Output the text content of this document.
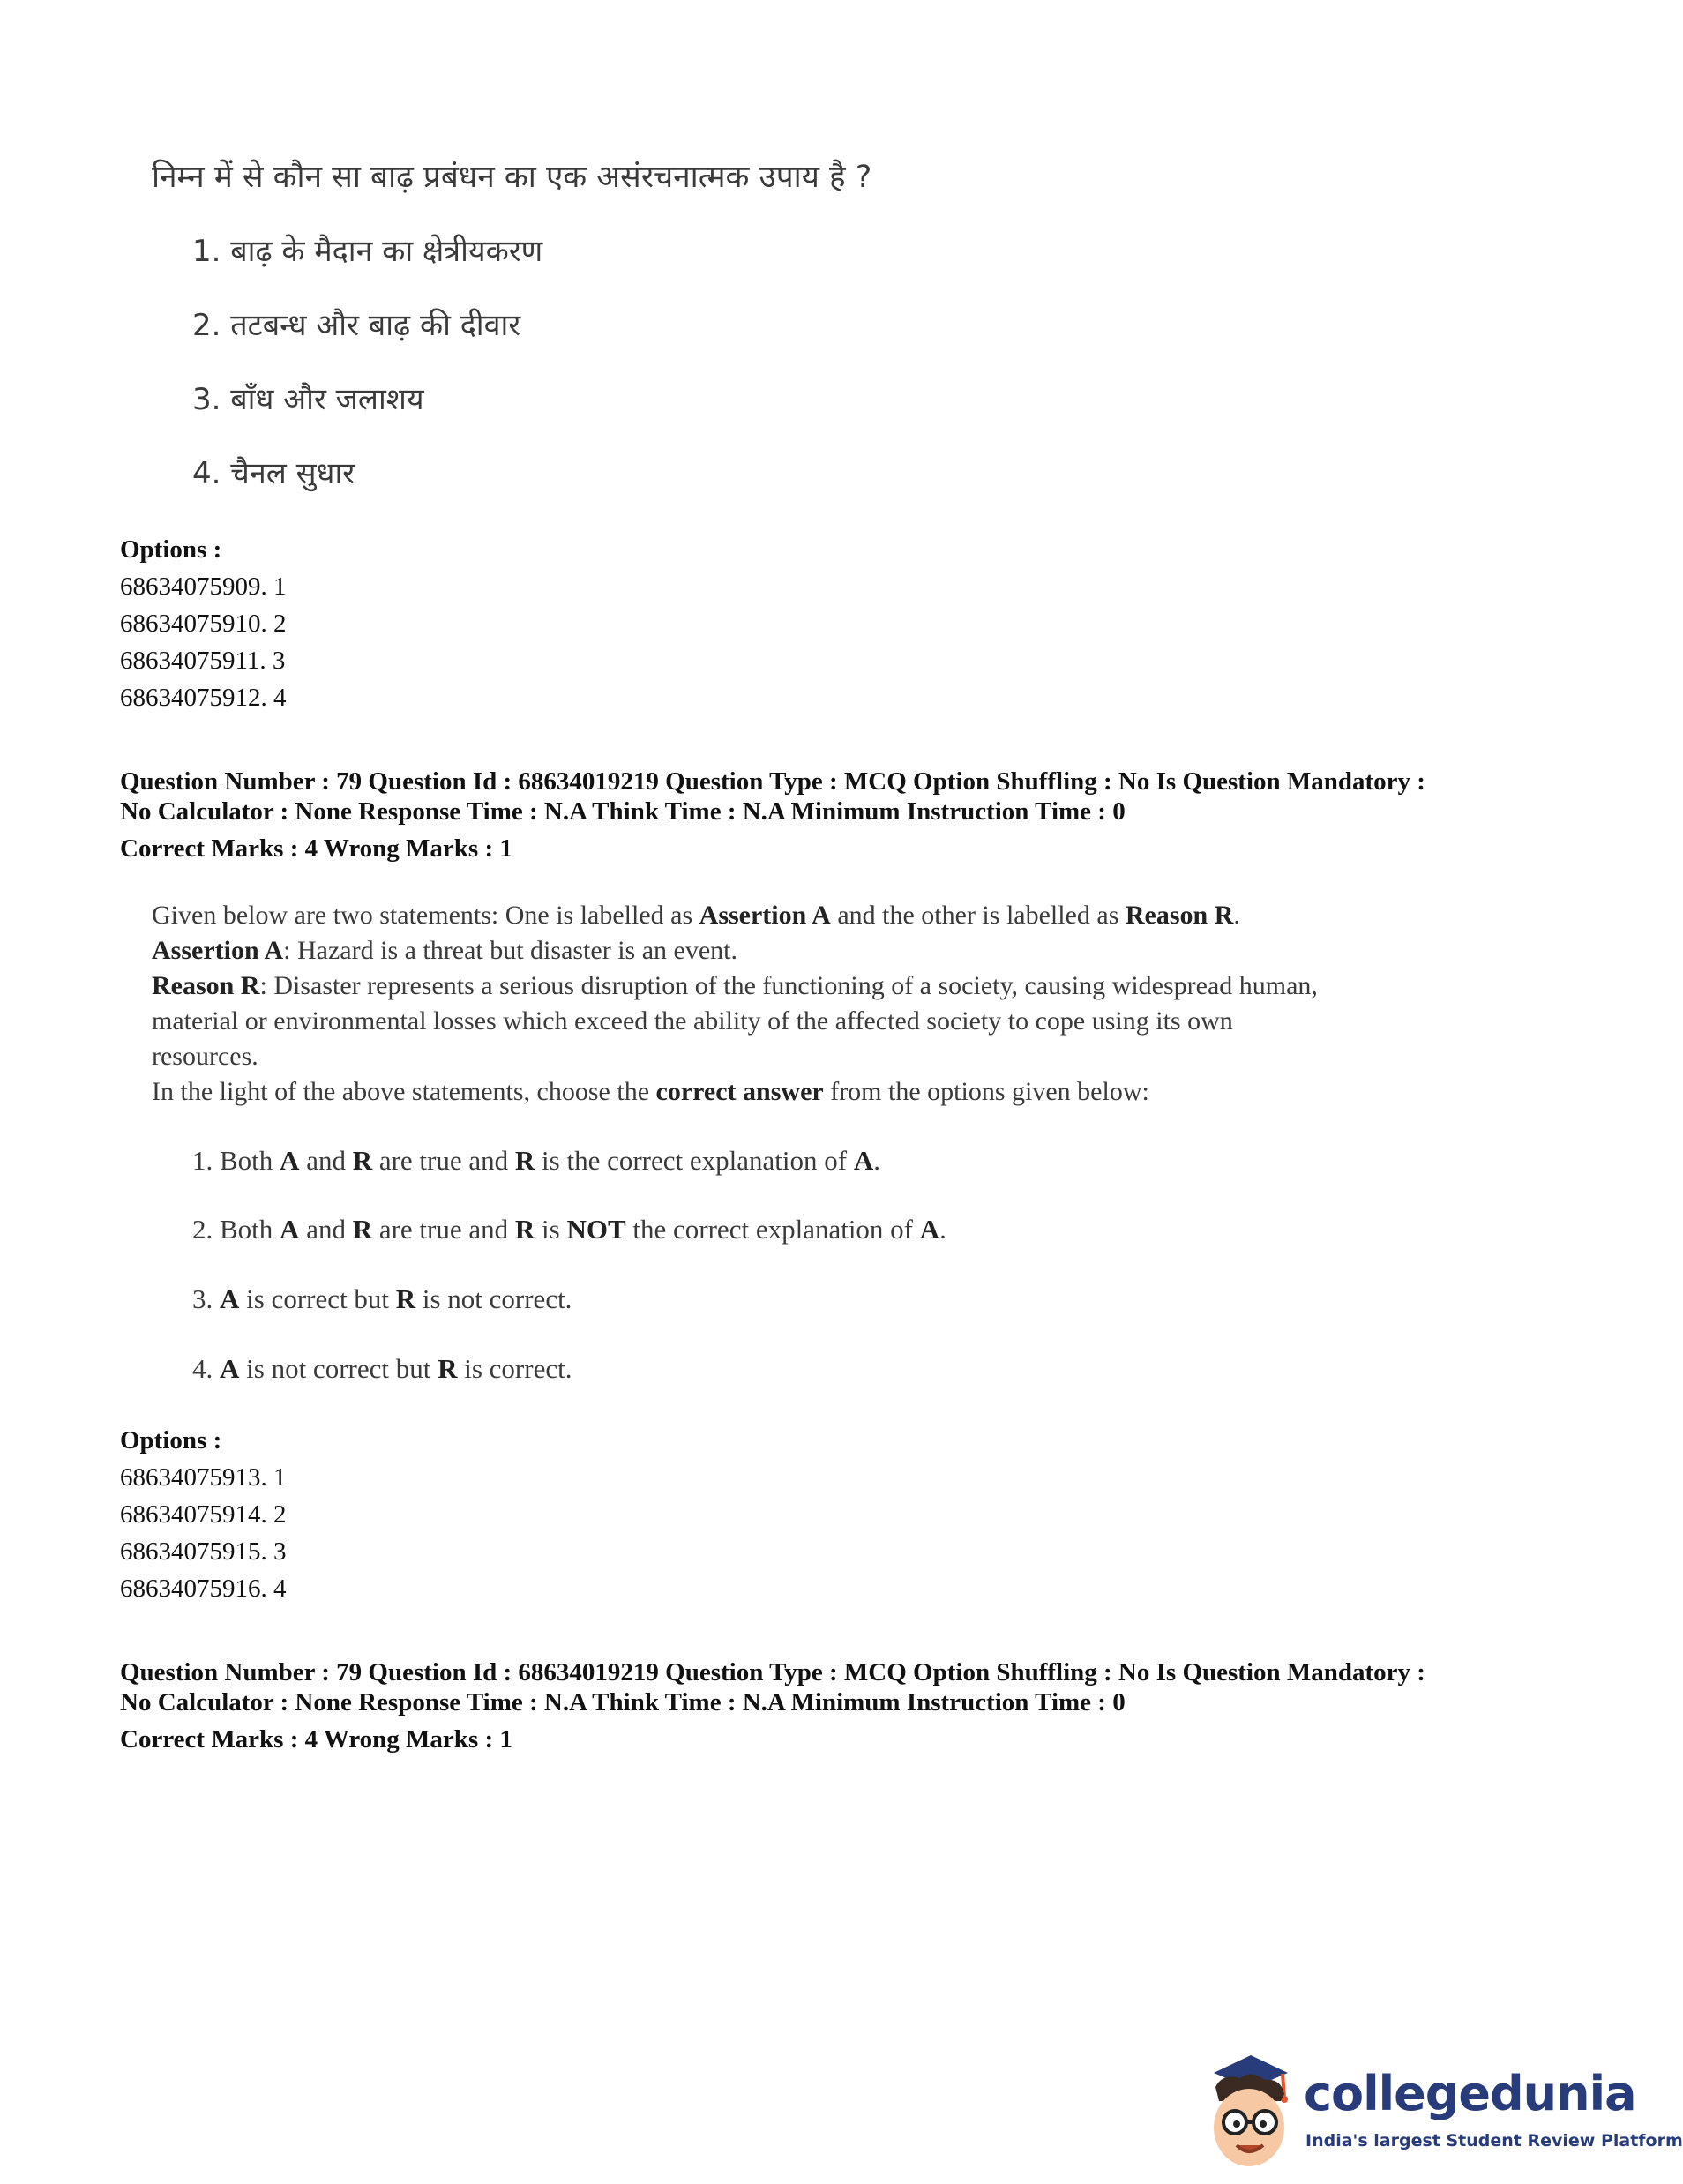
निम्न में से कौन सा बाढ़ प्रबंधन का एक असंरचनात्मक उपाय है ?
1. बाढ़ के मैदान का क्षेत्रीयकरण
2. तटबन्ध और बाढ़ की दीवार
3. बाँध और जलाशय
4. चैनल सुधार
Options :
68634075909. 1
68634075910. 2
68634075911. 3
68634075912. 4
Question Number : 79 Question Id : 68634019219 Question Type : MCQ Option Shuffling : No Is Question Mandatory :
No Calculator : None Response Time : N.A Think Time : N.A Minimum Instruction Time : 0
Correct Marks : 4 Wrong Marks : 1
Given below are two statements: One is labelled as Assertion A and the other is labelled as Reason R.
Assertion A: Hazard is a threat but disaster is an event.
Reason R: Disaster represents a serious disruption of the functioning of a society, causing widespread human,
material or environmental losses which exceed the ability of the affected society to cope using its own
resources.
In the light of the above statements, choose the correct answer from the options given below:
1. Both A and R are true and R is the correct explanation of A.
2. Both A and R are true and R is NOT the correct explanation of A.
3. A is correct but R is not correct.
4. A is not correct but R is correct.
Options :
68634075913. 1
68634075914. 2
68634075915. 3
68634075916. 4
Question Number : 79 Question Id : 68634019219 Question Type : MCQ Option Shuffling : No Is Question Mandatory :
No Calculator : None Response Time : N.A Think Time : N.A Minimum Instruction Time : 0
Correct Marks : 4 Wrong Marks : 1
collegedunia
India's largest Student Review Platform
